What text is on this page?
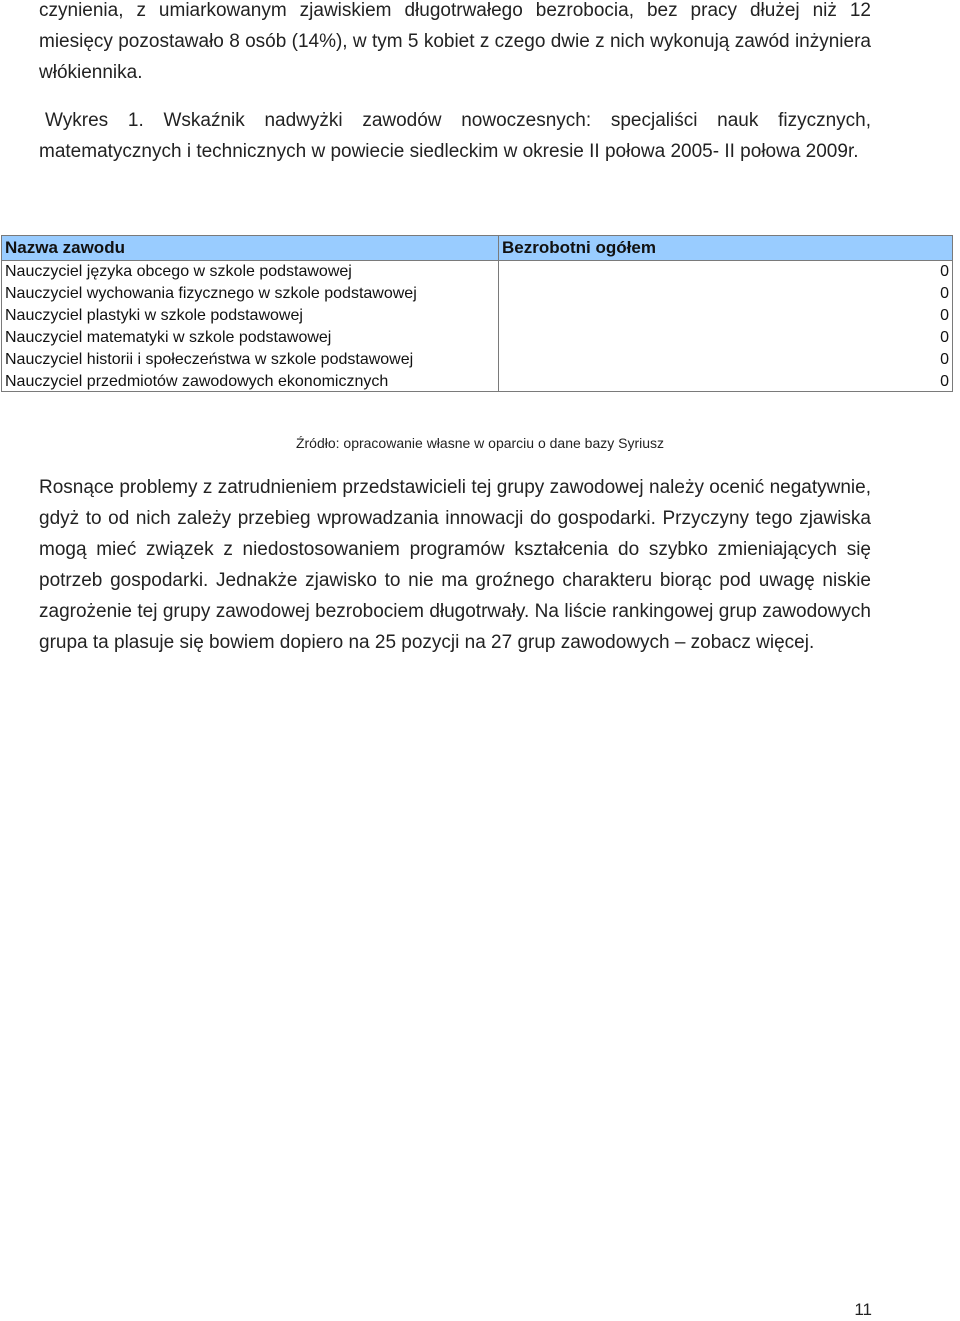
czynienia, z umiarkowanym zjawiskiem długotrwałego bezrobocia, bez pracy dłużej niż 12 miesięcy pozostawało 8 osób (14%), w tym 5 kobiet z czego dwie z nich wykonują zawód inżyniera włókiennika.

Wykres 1. Wskaźnik nadwyżki zawodów nowoczesnych: specjaliści nauk fizycznych, matematycznych i technicznych w powiecie siedleckim w okresie II połowa 2005- II połowa 2009r.

Nazwa zawodu	Bezrobotni ogółem
Nauczyciel języka obcego w szkole podstawowej
Nauczyciel wychowania fizycznego w szkole podstawowej
Nauczyciel plastyki w szkole podstawowej
Nauczyciel matematyki w szkole podstawowej
Nauczyciel historii i społeczeństwa w szkole podstawowej
Nauczyciel przedmiotów zawodowych ekonomicznych
0
0
0
0
0
0

Źródło: opracowanie własne w oparciu o dane bazy Syriusz

Rosnące problemy z zatrudnieniem przedstawicieli tej grupy zawodowej należy ocenić negatywnie, gdyż to od nich zależy przebieg wprowadzania innowacji do gospodarki. Przyczyny tego zjawiska mogą mieć związek z niedostosowaniem programów kształcenia do szybko zmieniających się potrzeb gospodarki. Jednakże zjawisko to nie ma groźnego charakteru biorąc pod uwagę niskie zagrożenie tej grupy zawodowej bezrobociem długotrwały. Na liście rankingowej grup zawodowych grupa ta plasuje się bowiem dopiero na 25 pozycji na 27 grup zawodowych – zobacz więcej.

11
